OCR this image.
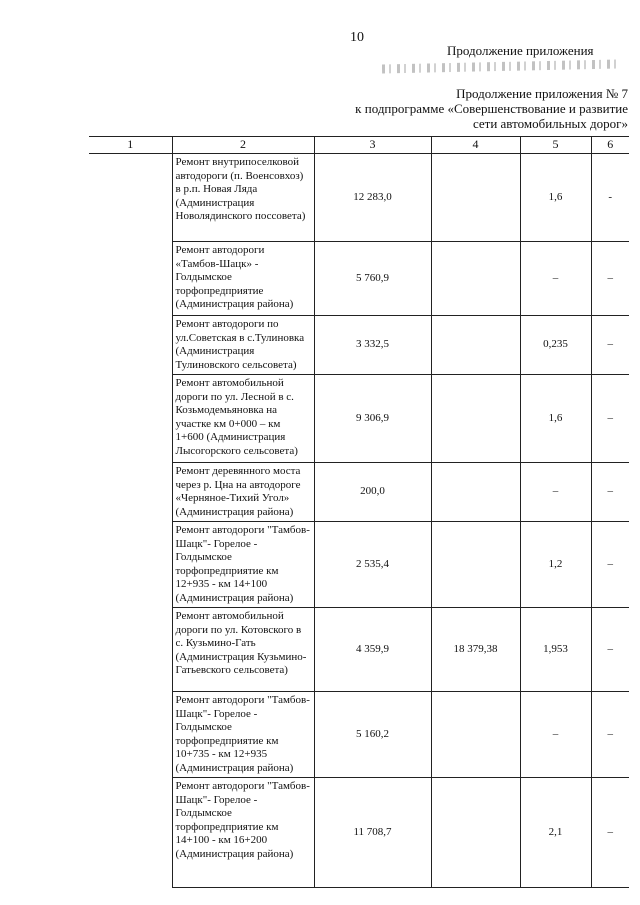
10
Продолжение приложения
Продолжение приложения № 7
к подпрограмме «Совершенствование и развитие
сети автомобильных дорог»
1	2	3	4	5	6
	Ремонт внутрипоселковой автодороги (п. Военсовхоз) в р.п. Новая Ляда (Администрация Новолядинского поссовета)	12 283,0		1,6	-
	Ремонт автодороги «Тамбов-Шацк» - Голдымское торфопредприятие (Администрация района)	5 760,9		–	–
	Ремонт автодороги по ул.Советская в с.Тулиновка (Администрация Тулиновского сельсовета)	3 332,5		0,235	–
	Ремонт автомобильной дороги по ул. Лесной в с. Козьмодемьяновка на участке км 0+000 – км 1+600 (Администрация Лысогорского сельсовета)	9 306,9		1,6	–
	Ремонт деревянного моста через р. Цна на автодороге «Черняное-Тихий Угол» (Администрация района)	200,0		–	–
	Ремонт автодороги "Тамбов-Шацк"- Горелое - Голдымское торфопредприятие км 12+935 - км 14+100 (Администрация района)	2 535,4		1,2	–
	Ремонт автомобильной дороги по ул. Котовского в с. Кузьмино-Гать (Администрация Кузьмино-Гатьевского сельсовета)	4 359,9	18 379,38	1,953	–
	Ремонт автодороги "Тамбов-Шацк"- Горелое - Голдымское торфопредприятие км 10+735 - км 12+935 (Администрация района)	5 160,2		–	–
	Ремонт автодороги "Тамбов-Шацк"- Горелое - Голдымское торфопредприятие км 14+100 - км 16+200 (Администрация района)	11 708,7		2,1	–
